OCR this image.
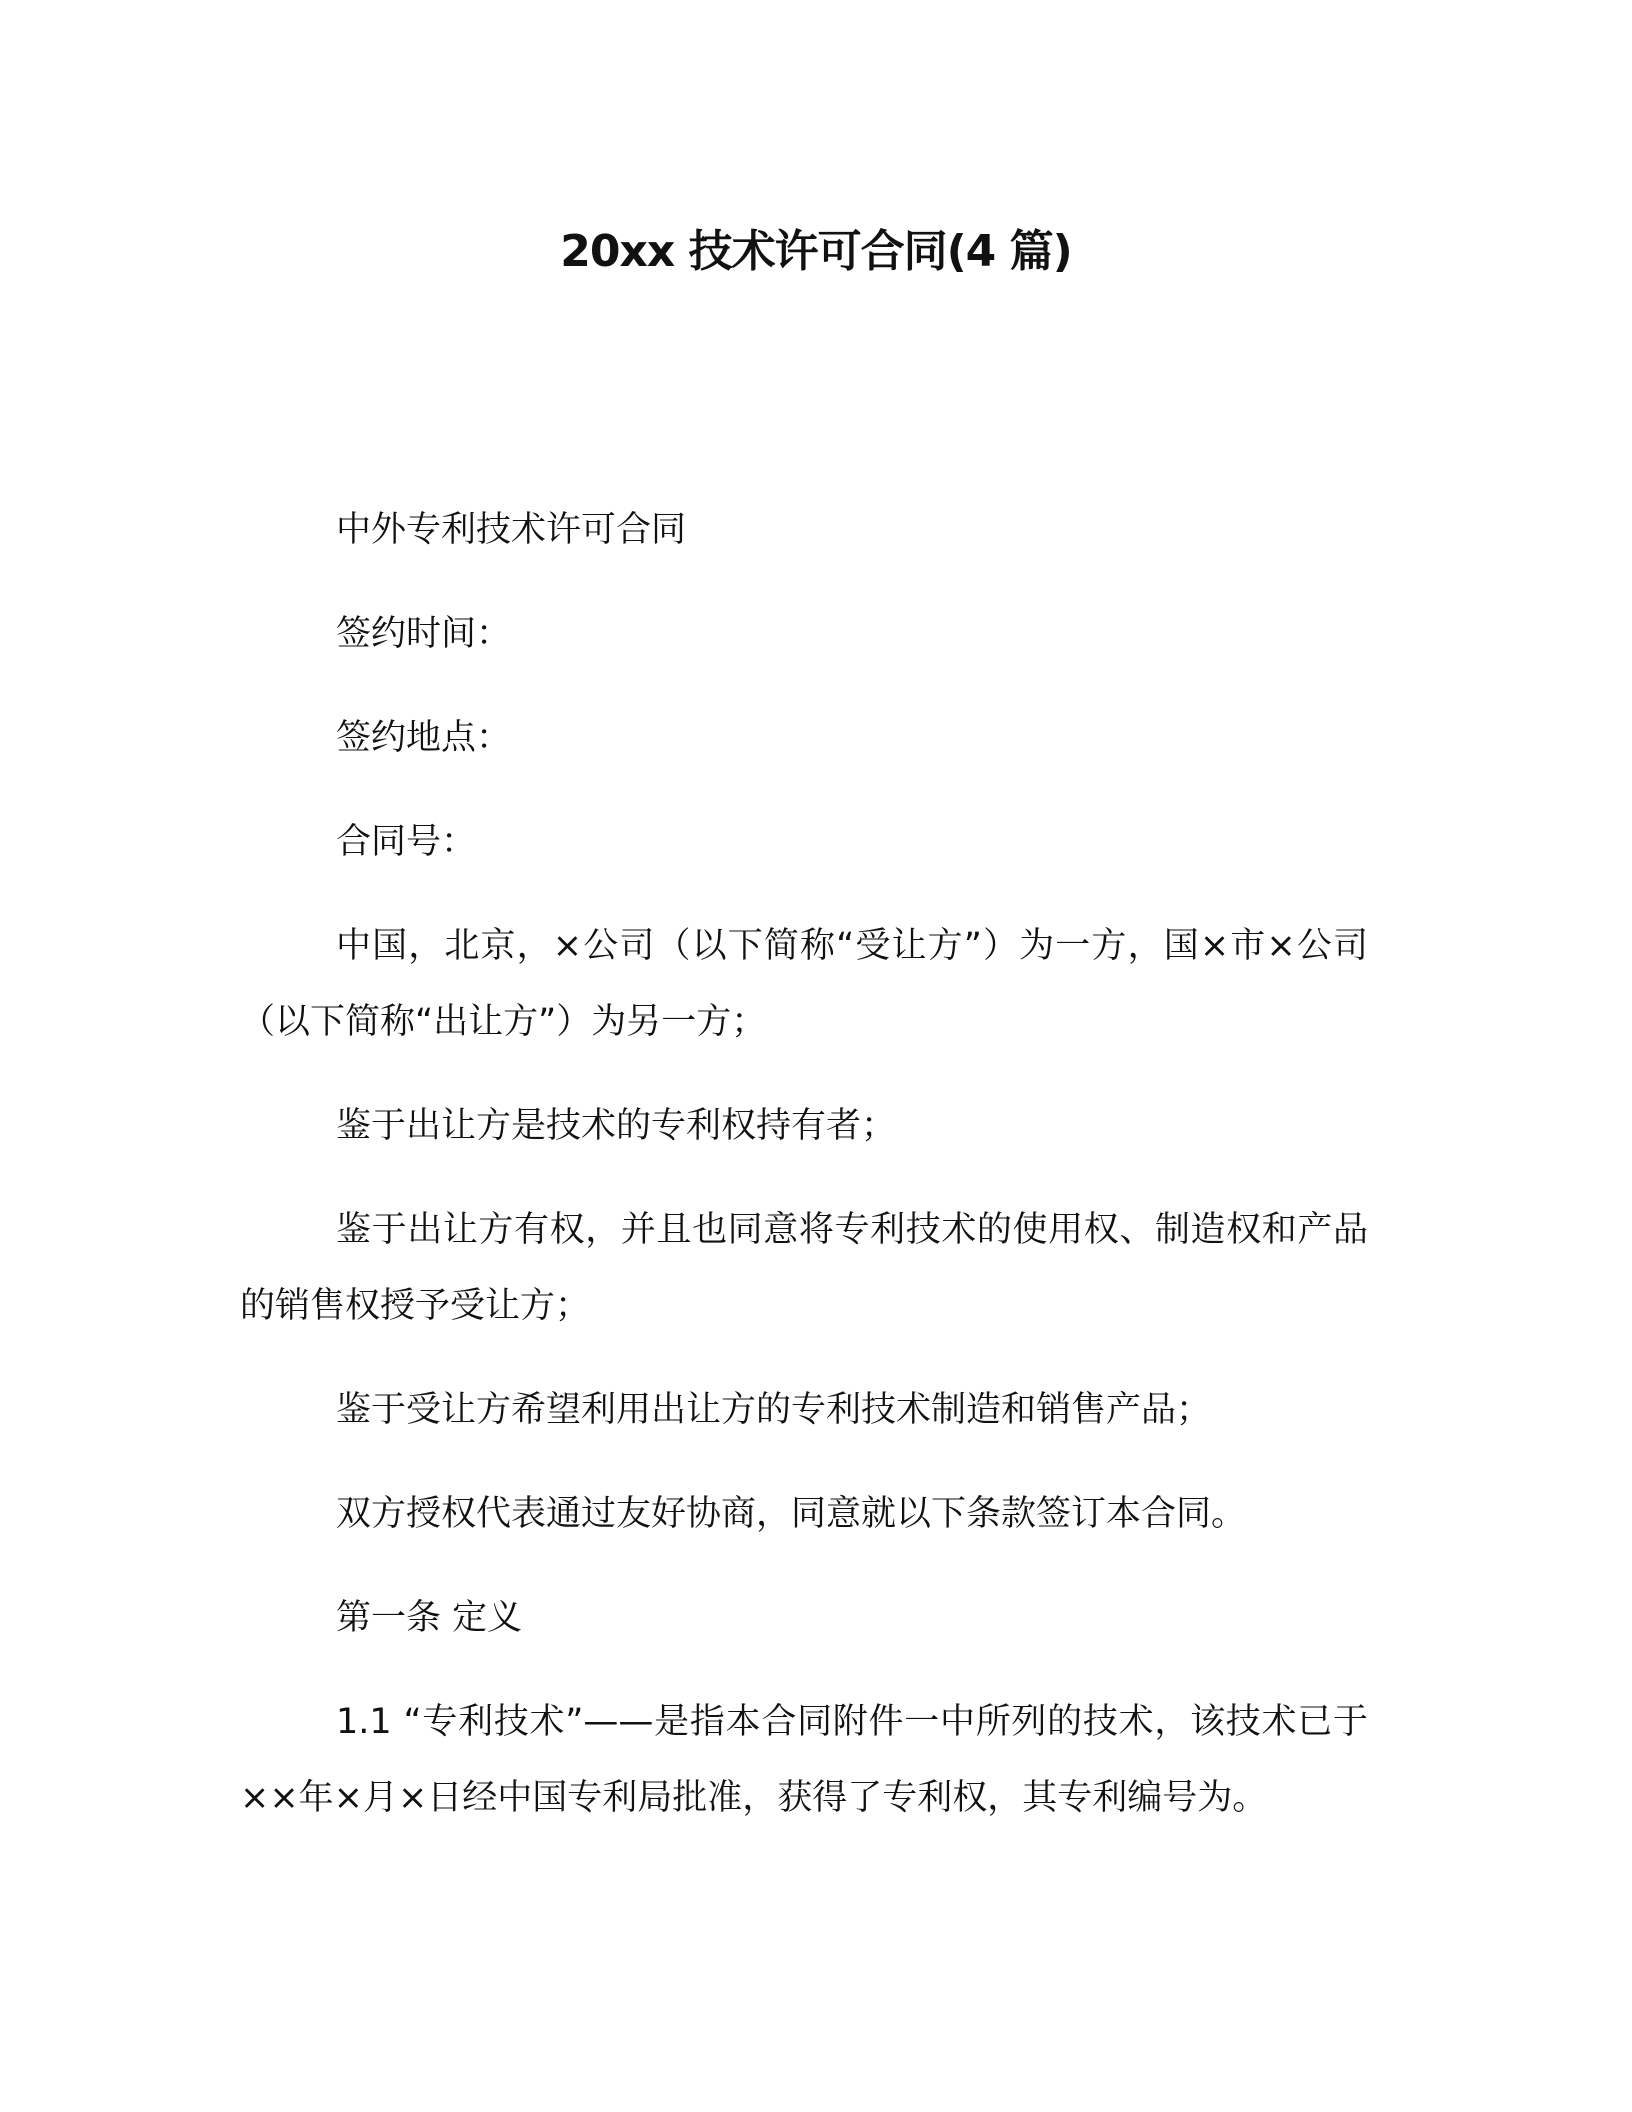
20xx 技术许可合同(4 篇)

中外专利技术许可合同

签约时间：

签约地点：

合同号：

中国，北京，×公司（以下简称“受让方”）为一方，国×市×公司（以下简称“出让方”）为另一方；

鉴于出让方是技术的专利权持有者；

鉴于出让方有权，并且也同意将专利技术的使用权、制造权和产品的销售权授予受让方；

鉴于受让方希望利用出让方的专利技术制造和销售产品；

双方授权代表通过友好协商，同意就以下条款签订本合同。

第一条 定义

1.1 “专利技术”——是指本合同附件一中所列的技术，该技术已于××年×月×日经中国专利局批准，获得了专利权，其专利编号为。
